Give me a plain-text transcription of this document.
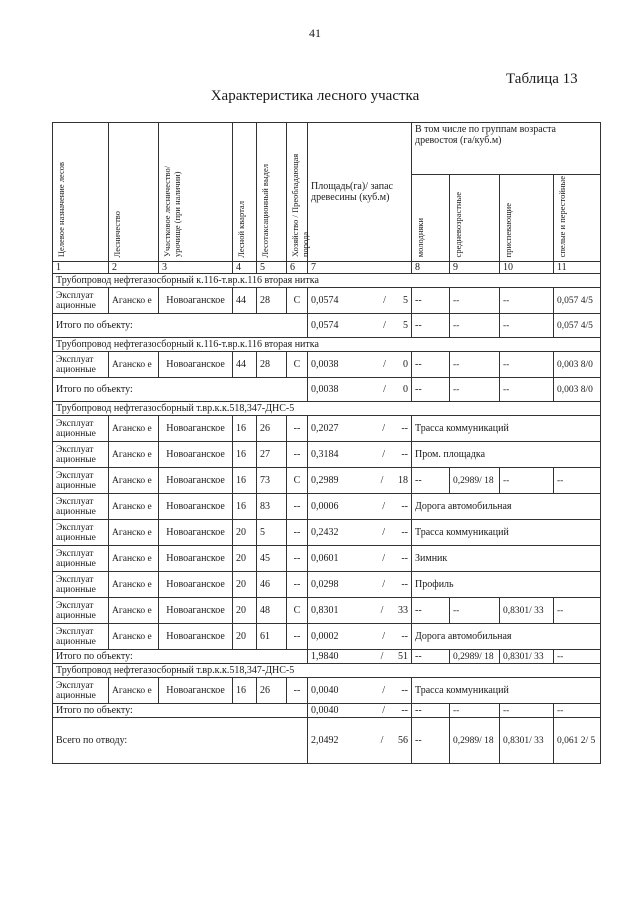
41
Таблица 13
Характеристика лесного участка
Целевое назначение лесов	Лесничество	Участковое лесничество/урочище (при наличии)	Лесной квартал	Лесотаксационный выдел	Хозяйство / Преобладающая порода	Площадь(га)/ запас древесины (куб.м)	В том числе по группам возраста древостоя (га/куб.м)			
							молодняки	средневозрастные	приспевающие	спелые и перестойные
1	2	3	4	5	6	7	8	9	10	11
Трубопровод нефтегазосборный к.116-т.вр.к.116 вторая нитка										
Эксплуат ационные	Аганско е	Новоаганское	44	28	С	0,0574 / 5	--	--	--	0,057 4/5
Итого по объекту:						0,0574 / 5	--	--	--	0,057 4/5
Трубопровод нефтегазосборный к.116-т.вр.к.116 вторая нитка										
Эксплуат ационные	Аганско е	Новоаганское	44	28	С	0,0038 / 0	--	--	--	0,003 8/0
Итого по объекту:						0,0038 / 0	--	--	--	0,003 8/0
Трубопровод нефтегазосборный т.вр.к.к.518,347-ДНС-5										
Эксплуат ационные	Аганско е	Новоаганское	16	26	--	0,2027 / --	Трасса коммуникаций			
Эксплуат ационные	Аганско е	Новоаганское	16	27	--	0,3184 / --	Пром. площадка			
Эксплуат ационные	Аганско е	Новоаганское	16	73	С	0,2989 / 18	--	0,2989/ 18	--	--
Эксплуат ационные	Аганско е	Новоаганское	16	83	--	0,0006 / --	Дорога автомобильная			
Эксплуат ационные	Аганско е	Новоаганское	20	5	--	0,2432 / --	Трасса коммуникаций			
Эксплуат ационные	Аганско е	Новоаганское	20	45	--	0,0601 / --	Зимник			
Эксплуат ационные	Аганско е	Новоаганское	20	46	--	0,0298 / --	Профиль			
Эксплуат ационные	Аганско е	Новоаганское	20	48	С	0,8301 / 33	--	--	0,8301/ 33	--
Эксплуат ационные	Аганско е	Новоаганское	20	61	--	0,0002 / --	Дорога автомобильная			
Итого по объекту:						1,9840 / 51	--	0,2989/ 18	0,8301/ 33	--
Трубопровод нефтегазосборный т.вр.к.к.518,347-ДНС-5										
Эксплуат ационные	Аганско е	Новоаганское	16	26	--	0,0040 / --	Трасса коммуникаций			
Итого по объекту:						0,0040 / --	--	--	--	--
Всего по отводу:						2,0492 / 56	--	0,2989/ 18	0,8301/ 33	0,061 2/ 5
